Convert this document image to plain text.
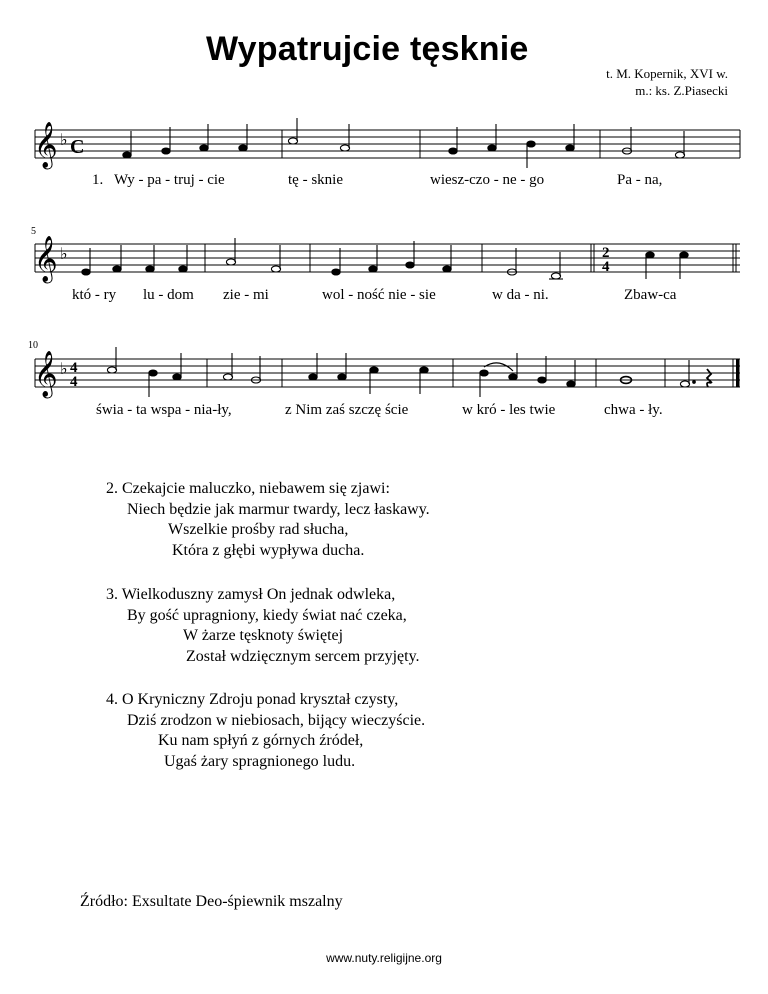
Wypatrujcie tęsknie
t. M. Kopernik, XVI w.
m.: ks. Z.Piasecki
𝄞 ♭ C
1. Wy - pa - truj - cie	tę - sknie	wiesz-czo - ne - go	Pa - na,
5
𝄞 ♭	2
4
któ - ry lu - dom zie - mi	wol - ność nie - sie	w da - ni.	Zbaw-ca
10
𝄞 ♭ 4
4
świa - ta wspa - nia-ły,	z Nim zaś szczę ście	w kró - les twie	chwa - ły.
2. Czekajcie maluczko, niebawem się zjawi:
Niech będzie jak marmur twardy, lecz łaskawy.
Wszelkie prośby rad słucha,
Która z głębi wypływa ducha.
3. Wielkoduszny zamysł On jednak odwleka,
By gość upragniony, kiedy świat nać czeka,
W żarze tęsknoty świętej
Został wdzięcznym sercem przyjęty.
4. O Kryniczny Zdroju ponad kryształ czysty,
Dziś zrodzon w niebiosach, bijący wieczyście.
Ku nam spłyń z górnych źródeł,
Ugaś żary spragnionego ludu.
Źródło: Exsultate Deo-śpiewnik mszalny
www.nuty.religijne.org
